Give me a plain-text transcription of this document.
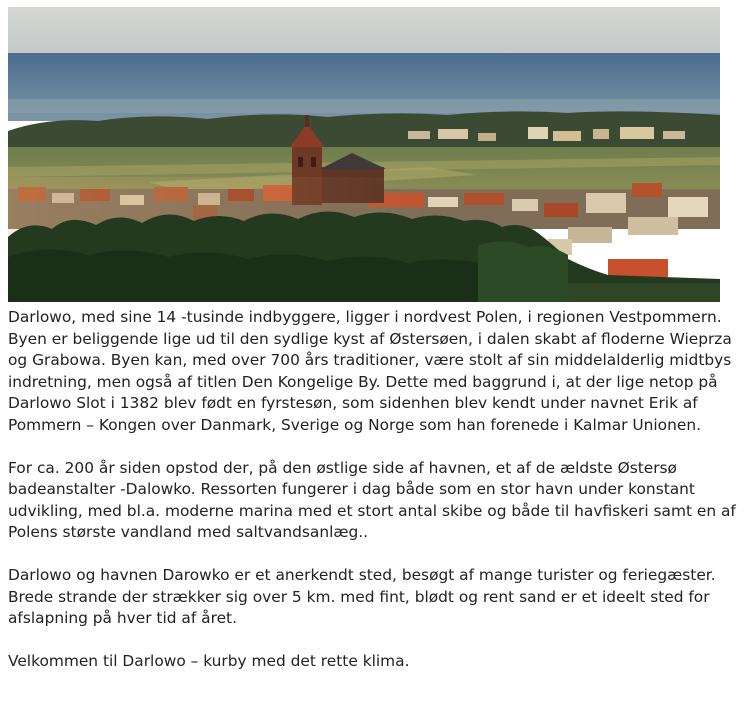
Darlowo, med sine 14 -tusinde indbyggere, ligger i nordvest Polen, i regionen Vestpommern. Byen er beliggende lige ud til den sydlige kyst af Østersøen, i dalen skabt af floderne Wieprza og Grabowa. Byen kan, med over 700 års traditioner, være stolt af sin middelalderlig midtbys indretning, men også af titlen Den Kongelige By. Dette med baggrund i, at der lige netop på Darlowo Slot i 1382 blev født en fyrstesøn, som sidenhen blev kendt under navnet Erik af Pommern – Kongen over Danmark, Sverige og Norge som han forenede i Kalmar Unionen.

For ca. 200 år siden opstod der, på den østlige side af havnen, et af de ældste Østersø badeanstalter -Dalowko. Ressorten fungerer i dag både som en stor havn under konstant udvikling, med bl.a. moderne marina med et stort antal skibe og både til havfiskeri samt en af Polens største vandland med saltvandsanlæg..

Darlowo og havnen Darowko er et anerkendt sted, besøgt af mange turister og feriegæster. Brede strande der strækker sig over 5 km. med fint, blødt og rent sand er et ideelt sted for afslapning på hver tid af året.

Velkommen til Darlowo – kurby med det rette klima.
